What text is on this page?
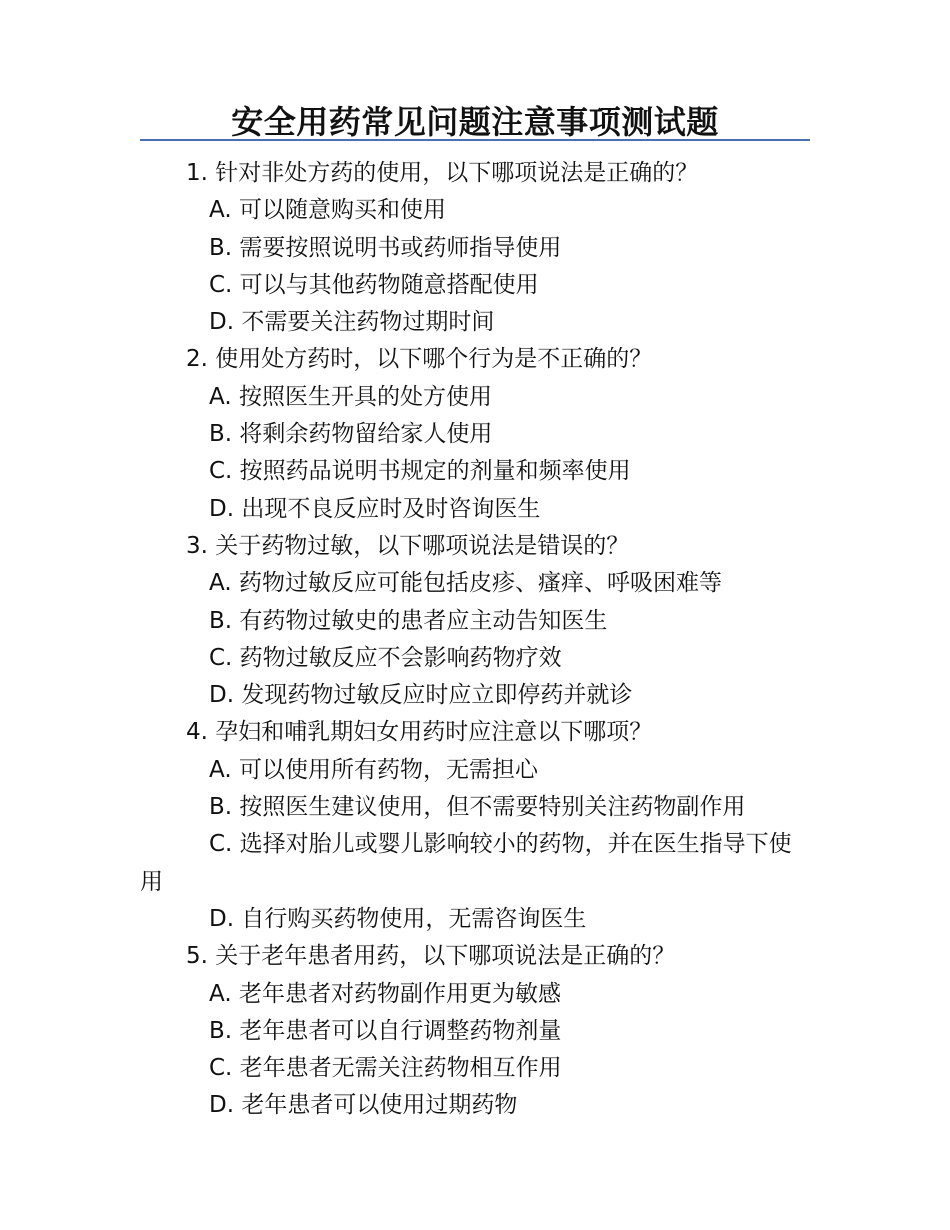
安全用药常见问题注意事项测试题
1. 针对非处方药的使用，以下哪项说法是正确的？
A. 可以随意购买和使用
B. 需要按照说明书或药师指导使用
C. 可以与其他药物随意搭配使用
D. 不需要关注药物过期时间
2. 使用处方药时，以下哪个行为是不正确的？
A. 按照医生开具的处方使用
B. 将剩余药物留给家人使用
C. 按照药品说明书规定的剂量和频率使用
D. 出现不良反应时及时咨询医生
3. 关于药物过敏，以下哪项说法是错误的？
A. 药物过敏反应可能包括皮疹、瘙痒、呼吸困难等
B. 有药物过敏史的患者应主动告知医生
C. 药物过敏反应不会影响药物疗效
D. 发现药物过敏反应时应立即停药并就诊
4. 孕妇和哺乳期妇女用药时应注意以下哪项？
A. 可以使用所有药物，无需担心
B. 按照医生建议使用，但不需要特别关注药物副作用
C. 选择对胎儿或婴儿影响较小的药物，并在医生指导下使用
D. 自行购买药物使用，无需咨询医生
5. 关于老年患者用药，以下哪项说法是正确的？
A. 老年患者对药物副作用更为敏感
B. 老年患者可以自行调整药物剂量
C. 老年患者无需关注药物相互作用
D. 老年患者可以使用过期药物
